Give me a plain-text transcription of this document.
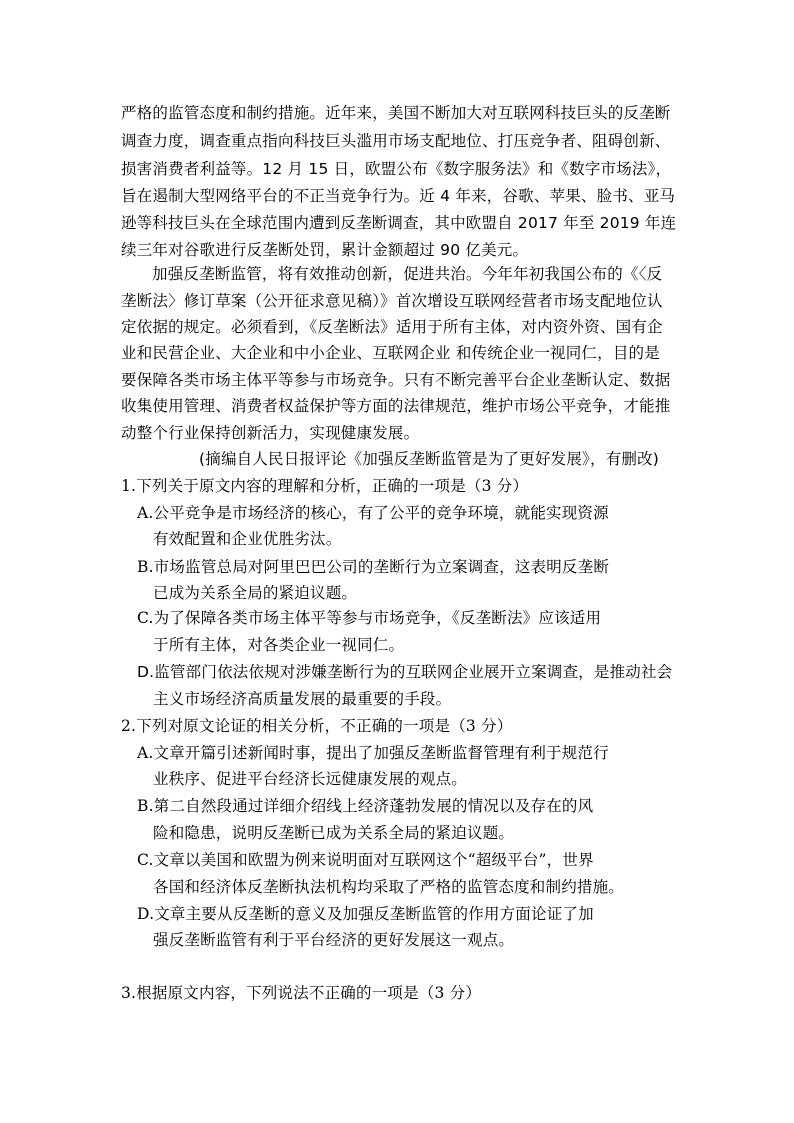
严格的监管态度和制约措施。近年来，美国不断加大对互联网科技巨头的反垄断
调查力度，调查重点指向科技巨头滥用市场支配地位、打压竞争者、阻碍创新、
损害消费者利益等。12 月 15 日，欧盟公布《数字服务法》和《数字市场法》，
旨在遏制大型网络平台的不正当竞争行为。近 4 年来，谷歌、苹果、脸书、亚马
逊等科技巨头在全球范围内遭到反垄断调查，其中欧盟自 2017 年至 2019 年连
续三年对谷歌进行反垄断处罚，累计金额超过 90 亿美元。
加强反垄断监管，将有效推动创新，促进共治。今年年初我国公布的《〈反
垄断法〉修订草案（公开征求意见稿）》首次增设互联网经营者市场支配地位认
定依据的规定。必须看到，《反垄断法》适用于所有主体，对内资外资、国有企
业和民营企业、大企业和中小企业、互联网企业 和传统企业一视同仁，目的是
要保障各类市场主体平等参与市场竞争。只有不断完善平台企业垄断认定、数据
收集使用管理、消费者权益保护等方面的法律规范，维护市场公平竞争，才能推
动整个行业保持创新活力，实现健康发展。
(摘编自人民日报评论《加强反垄断监管是为了更好发展》，有删改)
1.下列关于原文内容的理解和分析，正确的一项是（3 分）
A.公平竞争是市场经济的核心，有了公平的竞争环境，就能实现资源
有效配置和企业优胜劣汰。
B.市场监管总局对阿里巴巴公司的垄断行为立案调查，这表明反垄断
已成为关系全局的紧迫议题。
C.为了保障各类市场主体平等参与市场竞争，《反垄断法》应该适用
于所有主体，对各类企业一视同仁。
D.监管部门依法依规对涉嫌垄断行为的互联网企业展开立案调查，是推动社会
主义市场经济高质量发展的最重要的手段。
2.下列对原文论证的相关分析，不正确的一项是（3 分）
A.文章开篇引述新闻时事，提出了加强反垄断监督管理有利于规范行
业秩序、促进平台经济长远健康发展的观点。
B.第二自然段通过详细介绍线上经济蓬勃发展的情况以及存在的风
险和隐患，说明反垄断已成为关系全局的紧迫议题。
C.文章以美国和欧盟为例来说明面对互联网这个“超级平台”，世界
各国和经济体反垄断执法机构均采取了严格的监管态度和制约措施。
D.文章主要从反垄断的意义及加强反垄断监管的作用方面论证了加
强反垄断监管有利于平台经济的更好发展这一观点。
3.根据原文内容，下列说法不正确的一项是（3 分）
